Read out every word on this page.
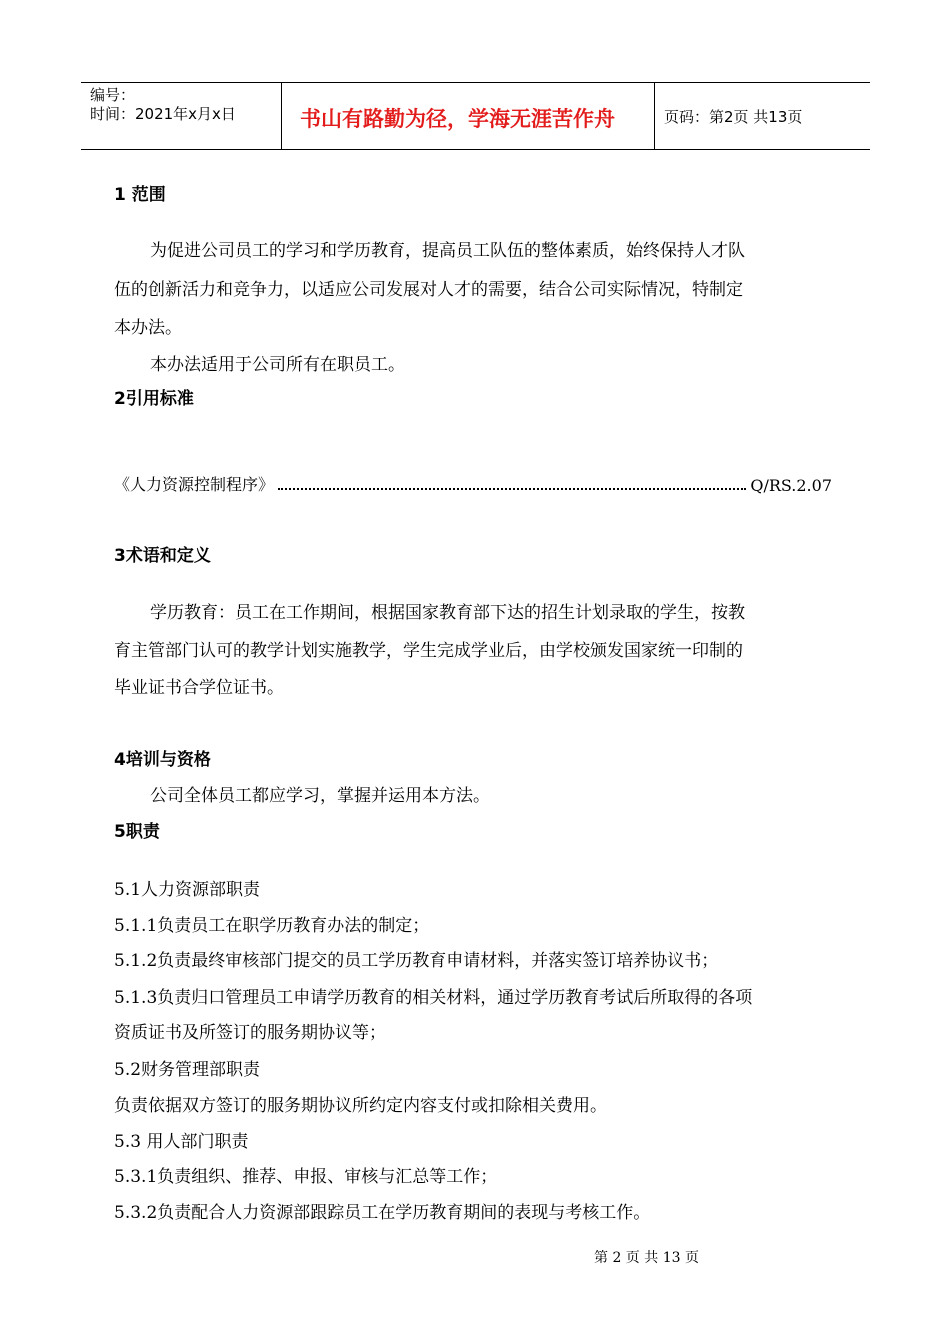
编号：
时间：2021年x月x日	书山有路勤为径，学海无涯苦作舟	页码：第2页 共13页
1 范围
为促进公司员工的学习和学历教育，提高员工队伍的整体素质，始终保持人才队
伍的创新活力和竞争力，以适应公司发展对人才的需要，结合公司实际情况，特制定
本办法。
本办法适用于公司所有在职员工。
2引用标准
《人力资源控制程序》	Q/RS.2.07
3术语和定义
学历教育：员工在工作期间，根据国家教育部下达的招生计划录取的学生，按教
育主管部门认可的教学计划实施教学，学生完成学业后，由学校颁发国家统一印制的
毕业证书合学位证书。
4培训与资格
公司全体员工都应学习，掌握并运用本方法。
5职责
5.1人力资源部职责
5.1.1负责员工在职学历教育办法的制定；
5.1.2负责最终审核部门提交的员工学历教育申请材料，并落实签订培养协议书；
5.1.3负责归口管理员工申请学历教育的相关材料，通过学历教育考试后所取得的各项
资质证书及所签订的服务期协议等；
5.2财务管理部职责
负责依据双方签订的服务期协议所约定内容支付或扣除相关费用。
5.3 用人部门职责
5.3.1负责组织、推荐、申报、审核与汇总等工作；
5.3.2负责配合人力资源部跟踪员工在学历教育期间的表现与考核工作。
第 2 页 共 13 页
